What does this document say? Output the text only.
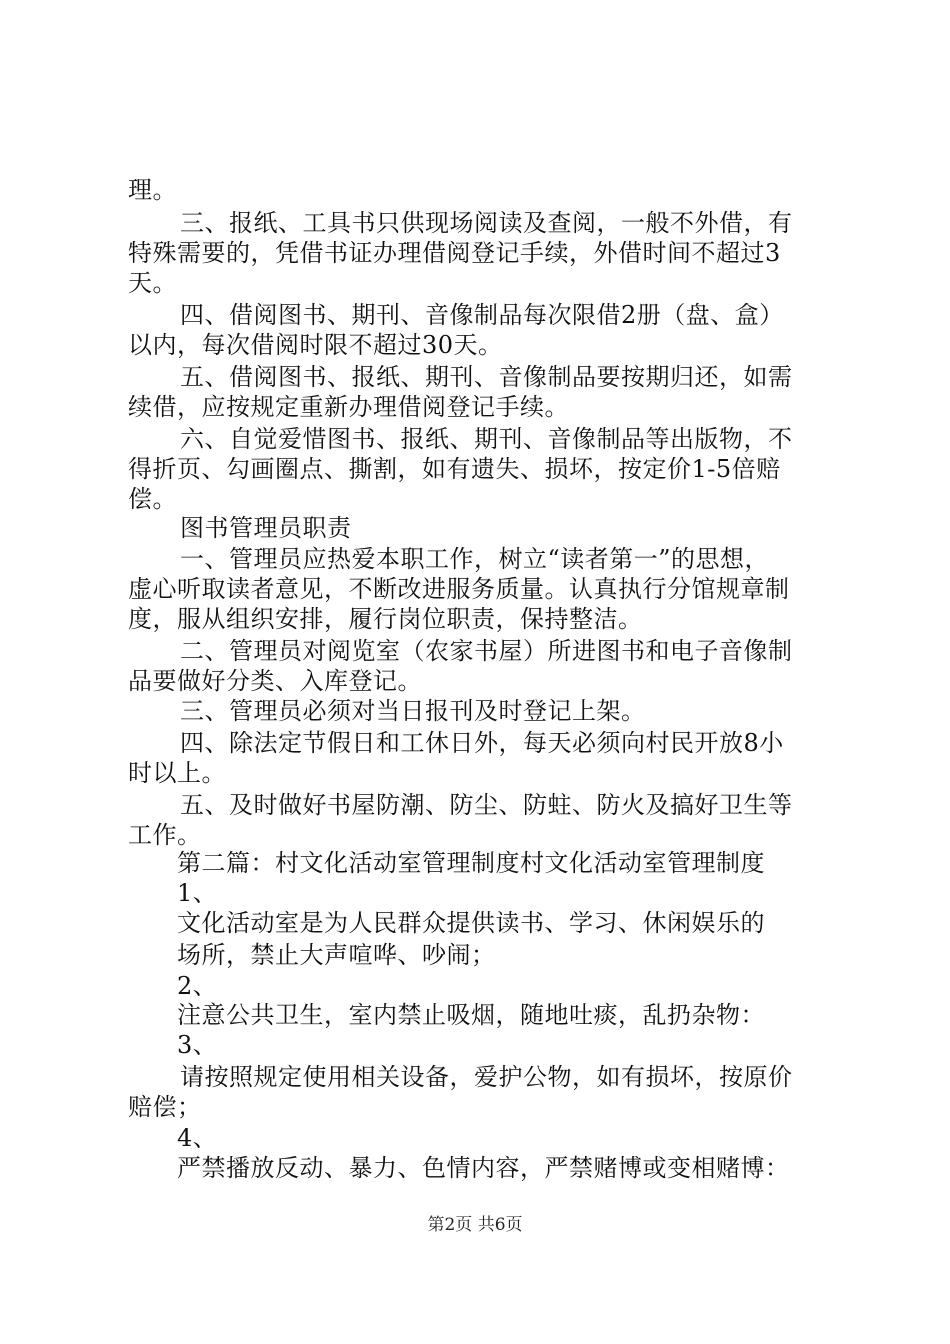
理。
三、报纸、工具书只供现场阅读及查阅，一般不外借，有
特殊需要的，凭借书证办理借阅登记手续，外借时间不超过3
天。
四、借阅图书、期刊、音像制品每次限借2册（盘、盒）
以内，每次借阅时限不超过30天。
五、借阅图书、报纸、期刊、音像制品要按期归还，如需
续借，应按规定重新办理借阅登记手续。
六、自觉爱惜图书、报纸、期刊、音像制品等出版物，不
得折页、勾画圈点、撕割，如有遗失、损坏，按定价1-5倍赔
偿。
图书管理员职责
一、管理员应热爱本职工作，树立“读者第一”的思想，
虚心听取读者意见，不断改进服务质量。认真执行分馆规章制
度，服从组织安排，履行岗位职责，保持整洁。
二、管理员对阅览室（农家书屋）所进图书和电子音像制
品要做好分类、入库登记。
三、管理员必须对当日报刊及时登记上架。
四、除法定节假日和工休日外，每天必须向村民开放8小
时以上。
五、及时做好书屋防潮、防尘、防蛀、防火及搞好卫生等
工作。
第二篇：村文化活动室管理制度村文化活动室管理制度
1、
文化活动室是为人民群众提供读书、学习、休闲娱乐的
场所，禁止大声喧哗、吵闹；
2、
注意公共卫生，室内禁止吸烟，随地吐痰，乱扔杂物：
3、
请按照规定使用相关设备，爱护公物，如有损坏，按原价
赔偿；
4、
严禁播放反动、暴力、色情内容，严禁赌博或变相赌博：
第2页 共6页
